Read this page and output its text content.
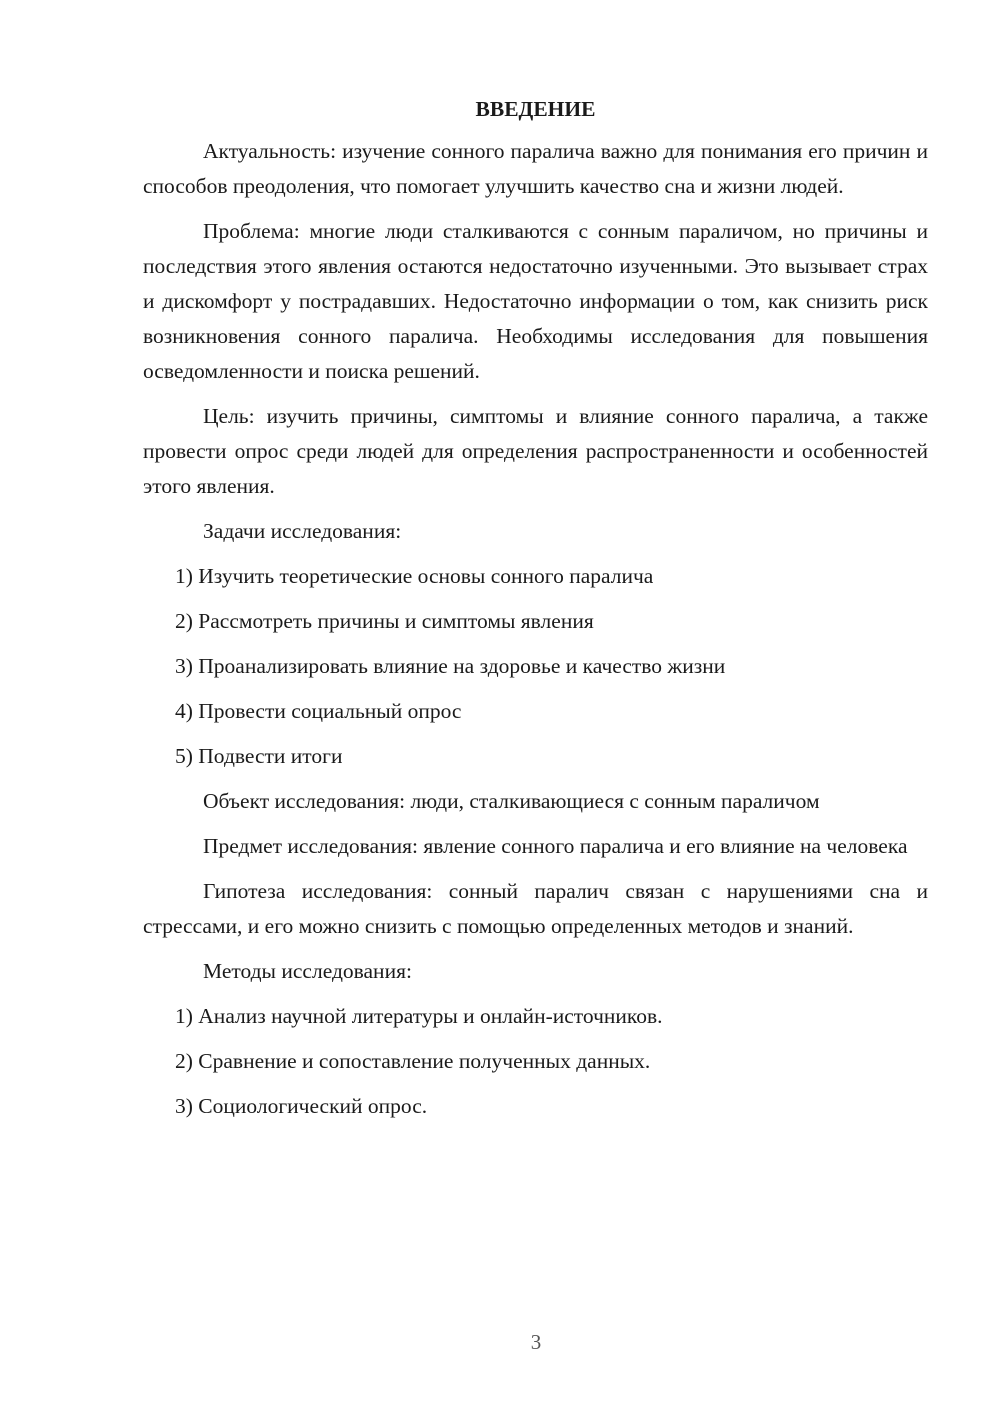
ВВЕДЕНИЕ

Актуальность: изучение сонного паралича важно для понимания его причин и способов преодоления, что помогает улучшить качество сна и жизни людей.

Проблема: многие люди сталкиваются с сонным параличом, но причины и последствия этого явления остаются недостаточно изученными. Это вызывает страх и дискомфорт у пострадавших. Недостаточно информации о том, как снизить риск возникновения сонного паралича. Необходимы исследования для повышения осведомленности и поиска решений.

Цель: изучить причины, симптомы и влияние сонного паралича, а также провести опрос среди людей для определения распространенности и особенностей этого явления.

Задачи исследования:

1) Изучить теоретические основы сонного паралича
2) Рассмотреть причины и симптомы явления
3) Проанализировать влияние на здоровье и качество жизни
4) Провести социальный опрос
5) Подвести итоги

Объект исследования: люди, сталкивающиеся с сонным параличом

Предмет исследования: явление сонного паралича и его влияние на человека

Гипотеза исследования: сонный паралич связан с нарушениями сна и стрессами, и его можно снизить с помощью определенных методов и знаний.

Методы исследования:

1) Анализ научной литературы и онлайн-источников.
2) Сравнение и сопоставление полученных данных.
3) Социологический опрос.
3
